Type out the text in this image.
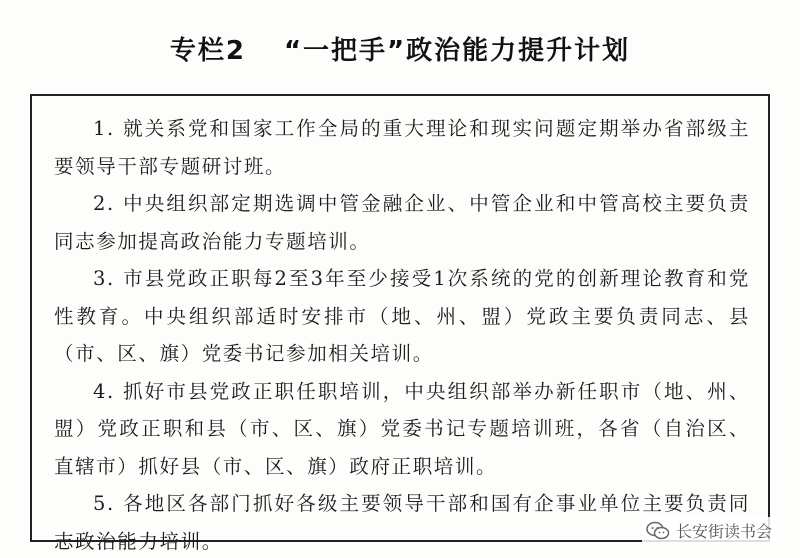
专栏2 “一把手”政治能力提升计划

1. 就关系党和国家工作全局的重大理论和现实问题定期举办省部级主要领导干部专题研讨班。

2. 中央组织部定期选调中管金融企业、中管企业和中管高校主要负责同志参加提高政治能力专题培训。

3. 市县党政正职每2至3年至少接受1次系统的党的创新理论教育和党性教育。中央组织部适时安排市（地、州、盟）党政主要负责同志、县（市、区、旗）党委书记参加相关培训。

4. 抓好市县党政正职任职培训，中央组织部举办新任职市（地、州、盟）党政正职和县（市、区、旗）党委书记专题培训班，各省（自治区、直辖市）抓好县（市、区、旗）政府正职培训。

5. 各地区各部门抓好各级主要领导干部和国有企事业单位主要负责同志政治能力培训。	长安街读书会
